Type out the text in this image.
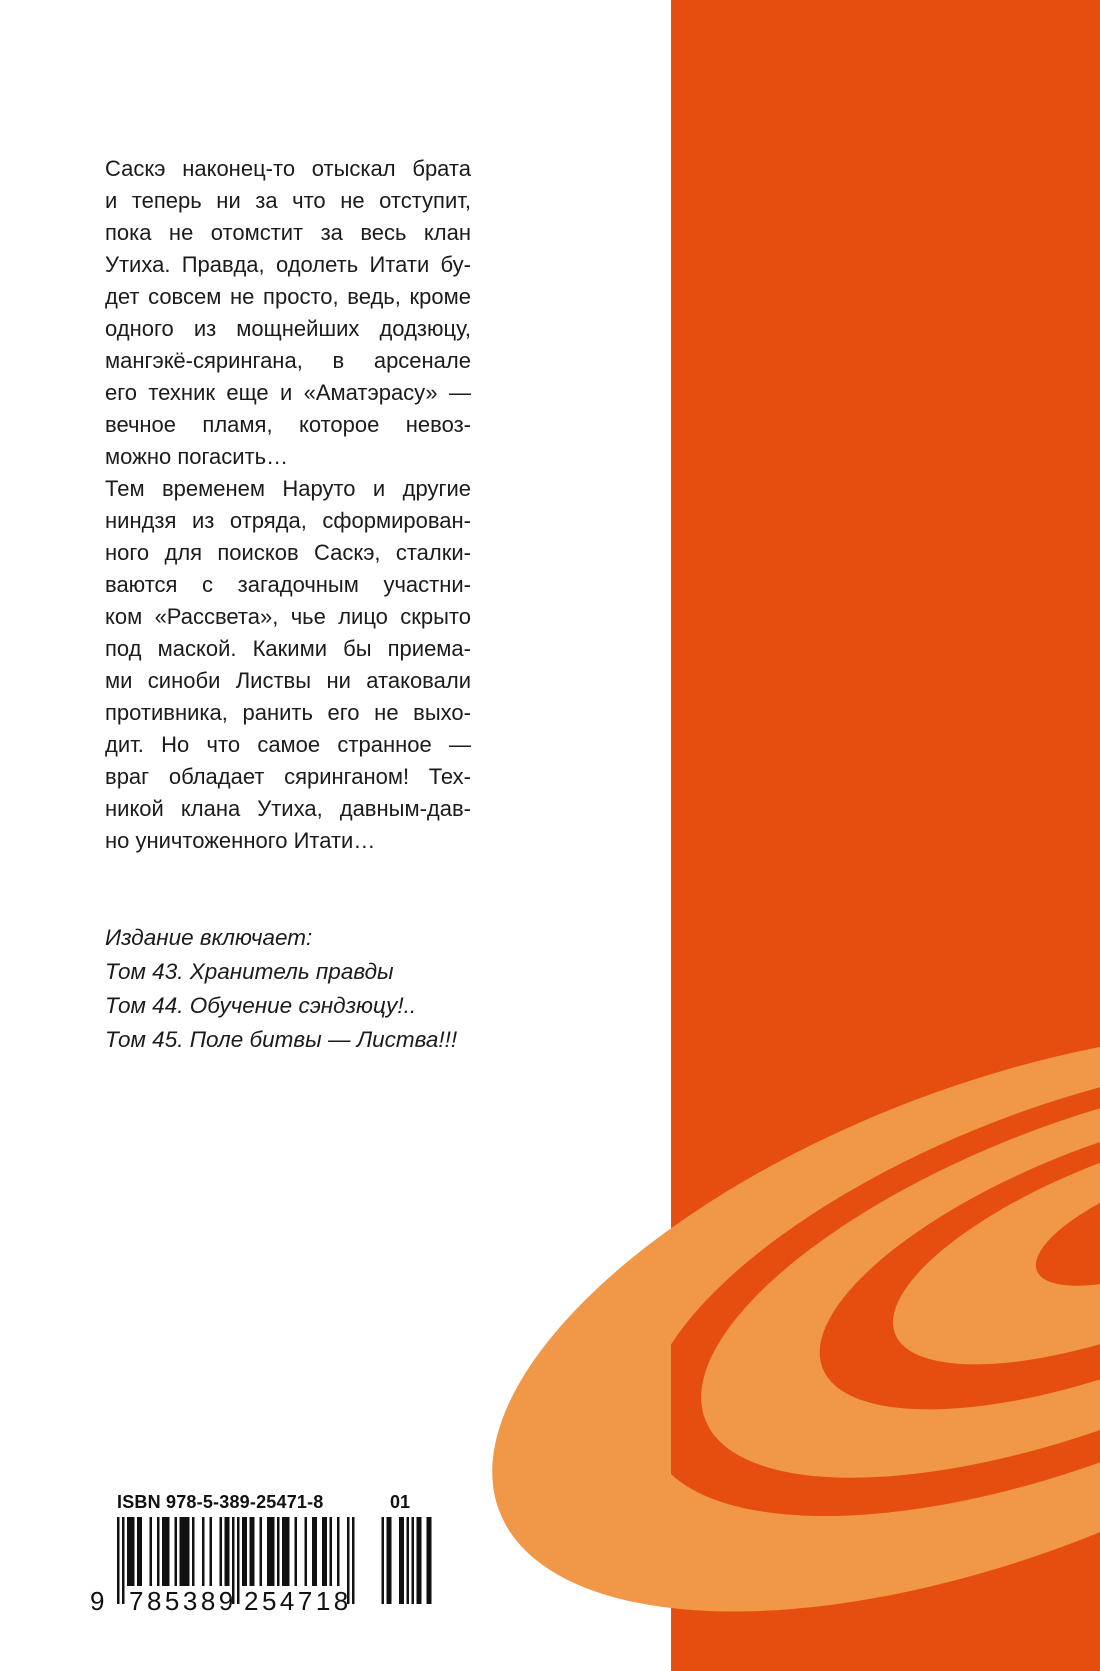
Саскэ наконец-то отыскал брата
и теперь ни за что не отступит,
пока не отомстит за весь клан
Утиха. Правда, одолеть Итати бу-
дет совсем не просто, ведь, кроме
одного из мощнейших додзюцу,
мангэкё-сярингана, в арсенале
его техник еще и «Аматэрасу» —
вечное пламя, которое невоз-
можно погасить…
Тем временем Наруто и другие
ниндзя из отряда, сформирован-
ного для поисков Саскэ, сталки-
ваются с загадочным участни-
ком «Рассвета», чье лицо скрыто
под маской. Какими бы приема-
ми синоби Листвы ни атаковали
противника, ранить его не выхо-
дит. Но что самое странное —
враг обладает сяринганом! Тех-
никой клана Утиха, давным-дав-
но уничтоженного Итати…
Издание включает:
Том 43. Хранитель правды
Том 44. Обучение сэндзюцу!..
Том 45. Поле битвы — Листва!!!
ISBN 978-5-389-25471-8	01
9 785389 254718
